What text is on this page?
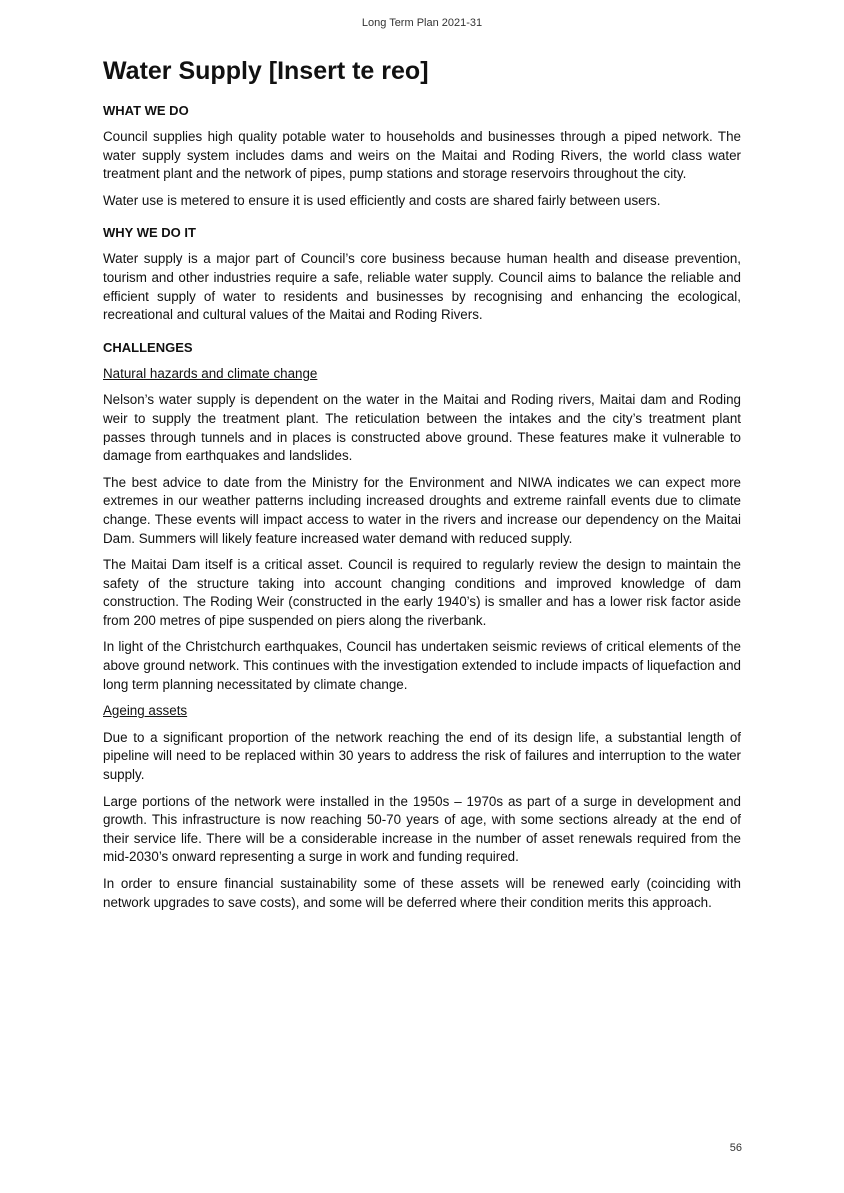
Long Term Plan 2021-31
Water Supply [Insert te reo]
WHAT WE DO

Council supplies high quality potable water to households and businesses through a piped network. The water supply system includes dams and weirs on the Maitai and Roding Rivers, the world class water treatment plant and the network of pipes, pump stations and storage reservoirs throughout the city.

Water use is metered to ensure it is used efficiently and costs are shared fairly between users.

WHY WE DO IT

Water supply is a major part of Council’s core business because human health and disease prevention, tourism and other industries require a safe, reliable water supply. Council aims to balance the reliable and efficient supply of water to residents and businesses by recognising and enhancing the ecological, recreational and cultural values of the Maitai and Roding Rivers.

CHALLENGES
Natural hazards and climate change

Nelson’s water supply is dependent on the water in the Maitai and Roding rivers, Maitai dam and Roding weir to supply the treatment plant. The reticulation between the intakes and the city’s treatment plant passes through tunnels and in places is constructed above ground. These features make it vulnerable to damage from earthquakes and landslides.

The best advice to date from the Ministry for the Environment and NIWA indicates we can expect more extremes in our weather patterns including increased droughts and extreme rainfall events due to climate change. These events will impact access to water in the rivers and increase our dependency on the Maitai Dam. Summers will likely feature increased water demand with reduced supply.

The Maitai Dam itself is a critical asset. Council is required to regularly review the design to maintain the safety of the structure taking into account changing conditions and improved knowledge of dam construction. The Roding Weir (constructed in the early 1940’s) is smaller and has a lower risk factor aside from 200 metres of pipe suspended on piers along the riverbank.

In light of the Christchurch earthquakes, Council has undertaken seismic reviews of critical elements of the above ground network. This continues with the investigation extended to include impacts of liquefaction and long term planning necessitated by climate change.

Ageing assets

Due to a significant proportion of the network reaching the end of its design life, a substantial length of pipeline will need to be replaced within 30 years to address the risk of failures and interruption to the water supply.

Large portions of the network were installed in the 1950s – 1970s as part of a surge in development and growth. This infrastructure is now reaching 50-70 years of age, with some sections already at the end of their service life. There will be a considerable increase in the number of asset renewals required from the mid-2030’s onward representing a surge in work and funding required.

In order to ensure financial sustainability some of these assets will be renewed early (coinciding with network upgrades to save costs), and some will be deferred where their condition merits this approach.

56
